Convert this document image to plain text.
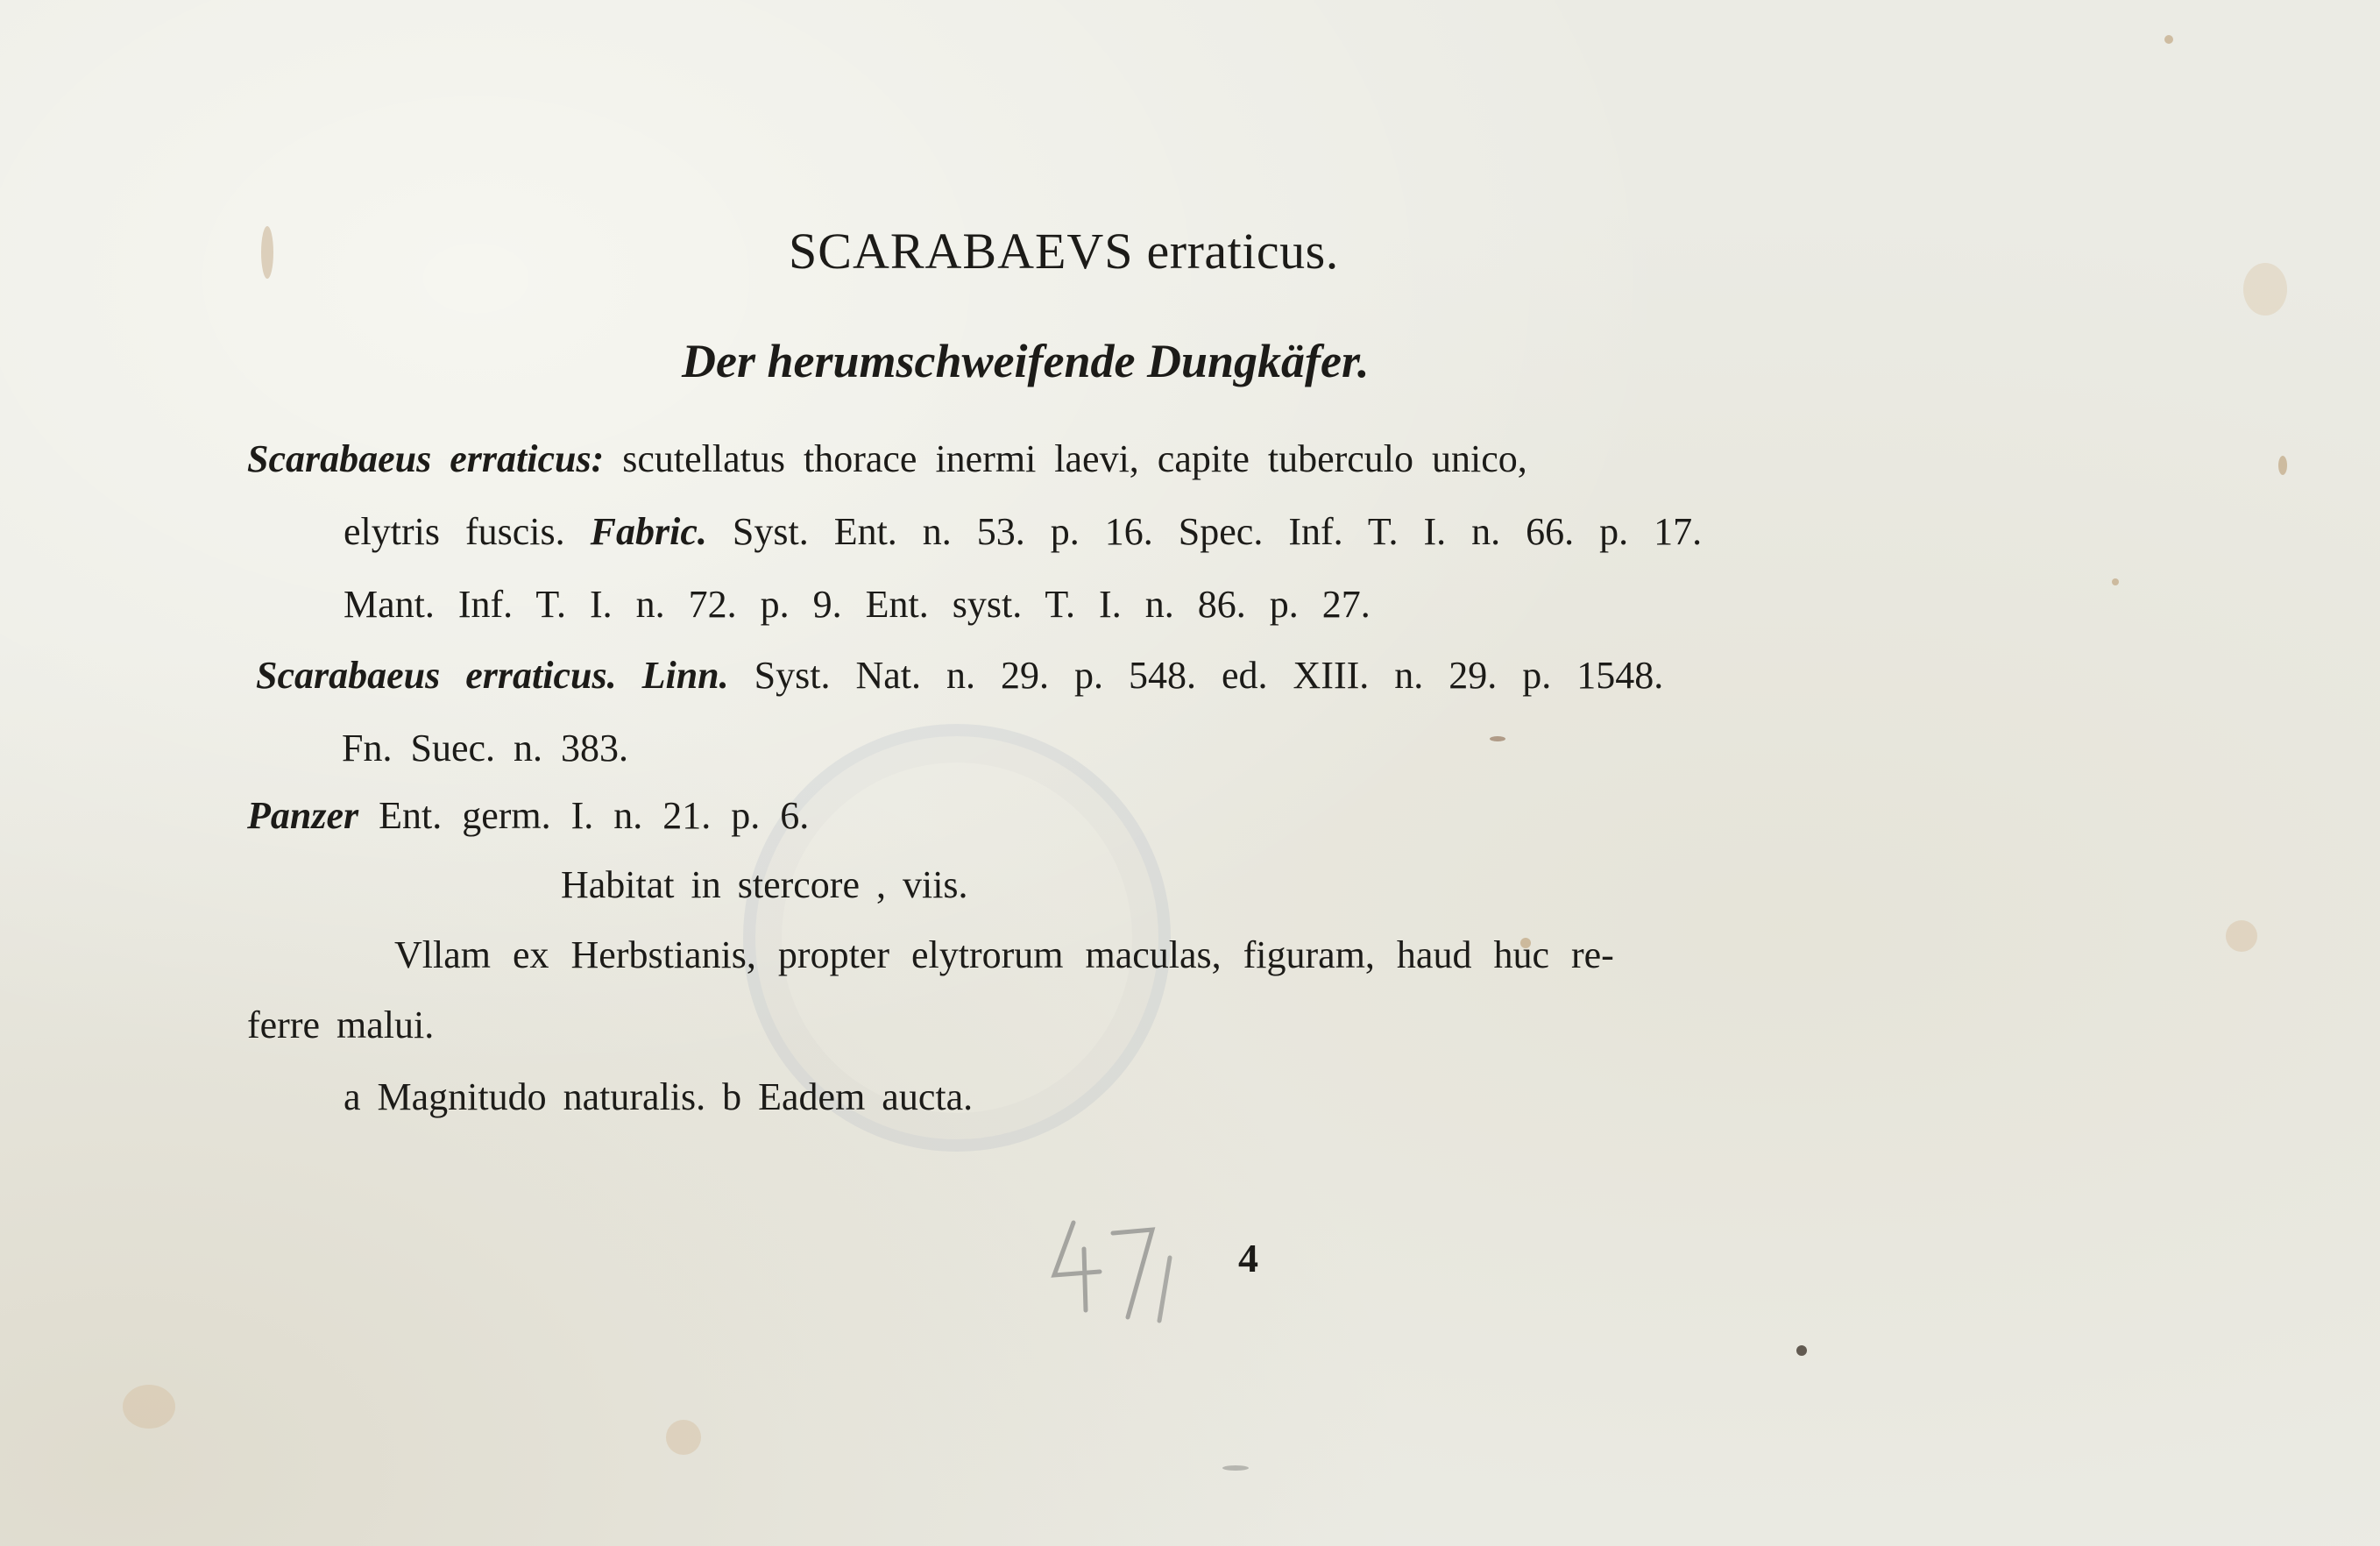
SCARABAEVS erraticus.
Der herumschweifende Dungkäfer.
Scarabaeus erraticus: scutellatus thorace inermi laevi, capite tuberculo unico,
elytris fuscis. Fabric. Syst. Ent. n. 53. p. 16. Spec. Inf. T. I. n. 66. p. 17.
Mant. Inf. T. I. n. 72. p. 9. Ent. syst. T. I. n. 86. p. 27.
Scarabaeus erraticus. Linn. Syst. Nat. n. 29. p. 548. ed. XIII. n. 29. p. 1548.
Fn. Suec. n. 383.
Panzer Ent. germ. I. n. 21. p. 6.
Habitat in stercore , viis.
Vllam ex Herbstianis, propter elytrorum maculas, figuram, haud huc re-
ferre malui.
a Magnitudo naturalis. b Eadem aucta.
4
